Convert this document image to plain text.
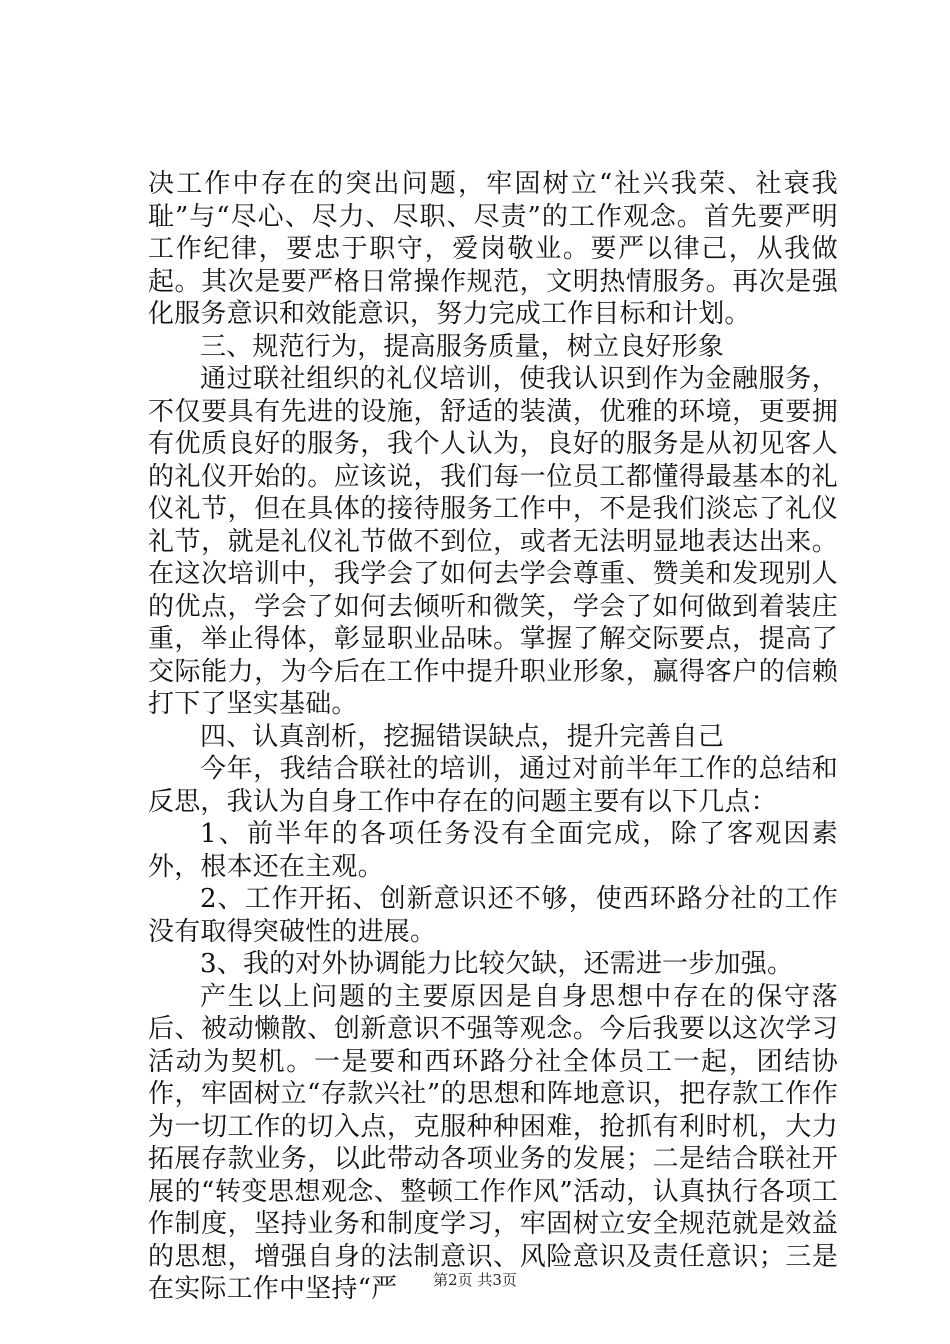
决工作中存在的突出问题，牢固树立“社兴我荣、社衰我耻”与“尽心、尽力、尽职、尽责”的工作观念。首先要严明工作纪律，要忠于职守，爱岗敬业。要严以律己，从我做起。其次是要严格日常操作规范，文明热情服务。再次是强化服务意识和效能意识，努力完成工作目标和计划。

三、规范行为，提高服务质量，树立良好形象

通过联社组织的礼仪培训，使我认识到作为金融服务，不仅要具有先进的设施，舒适的装潢，优雅的环境，更要拥有优质良好的服务，我个人认为，良好的服务是从初见客人的礼仪开始的。应该说，我们每一位员工都懂得最基本的礼仪礼节，但在具体的接待服务工作中，不是我们淡忘了礼仪礼节，就是礼仪礼节做不到位，或者无法明显地表达出来。在这次培训中，我学会了如何去学会尊重、赞美和发现别人的优点，学会了如何去倾听和微笑，学会了如何做到着装庄重，举止得体，彰显职业品味。掌握了解交际要点，提高了交际能力，为今后在工作中提升职业形象，赢得客户的信赖打下了坚实基础。

四、认真剖析，挖掘错误缺点，提升完善自己

今年，我结合联社的培训，通过对前半年工作的总结和反思，我认为自身工作中存在的问题主要有以下几点：

1、前半年的各项任务没有全面完成，除了客观因素外，根本还在主观。

2、工作开拓、创新意识还不够，使西环路分社的工作没有取得突破性的进展。

3、我的对外协调能力比较欠缺，还需进一步加强。

产生以上问题的主要原因是自身思想中存在的保守落后、被动懒散、创新意识不强等观念。今后我要以这次学习活动为契机。一是要和西环路分社全体员工一起，团结协作，牢固树立“存款兴社”的思想和阵地意识，把存款工作作为一切工作的切入点，克服种种困难，抢抓有利时机，大力拓展存款业务，以此带动各项业务的发展；二是结合联社开展的“转变思想观念、整顿工作作风”活动，认真执行各项工作制度，坚持业务和制度学习，牢固树立安全规范就是效益的思想，增强自身的法制意识、风险意识及责任意识；三是在实际工作中坚持“严	第2页 共3页
